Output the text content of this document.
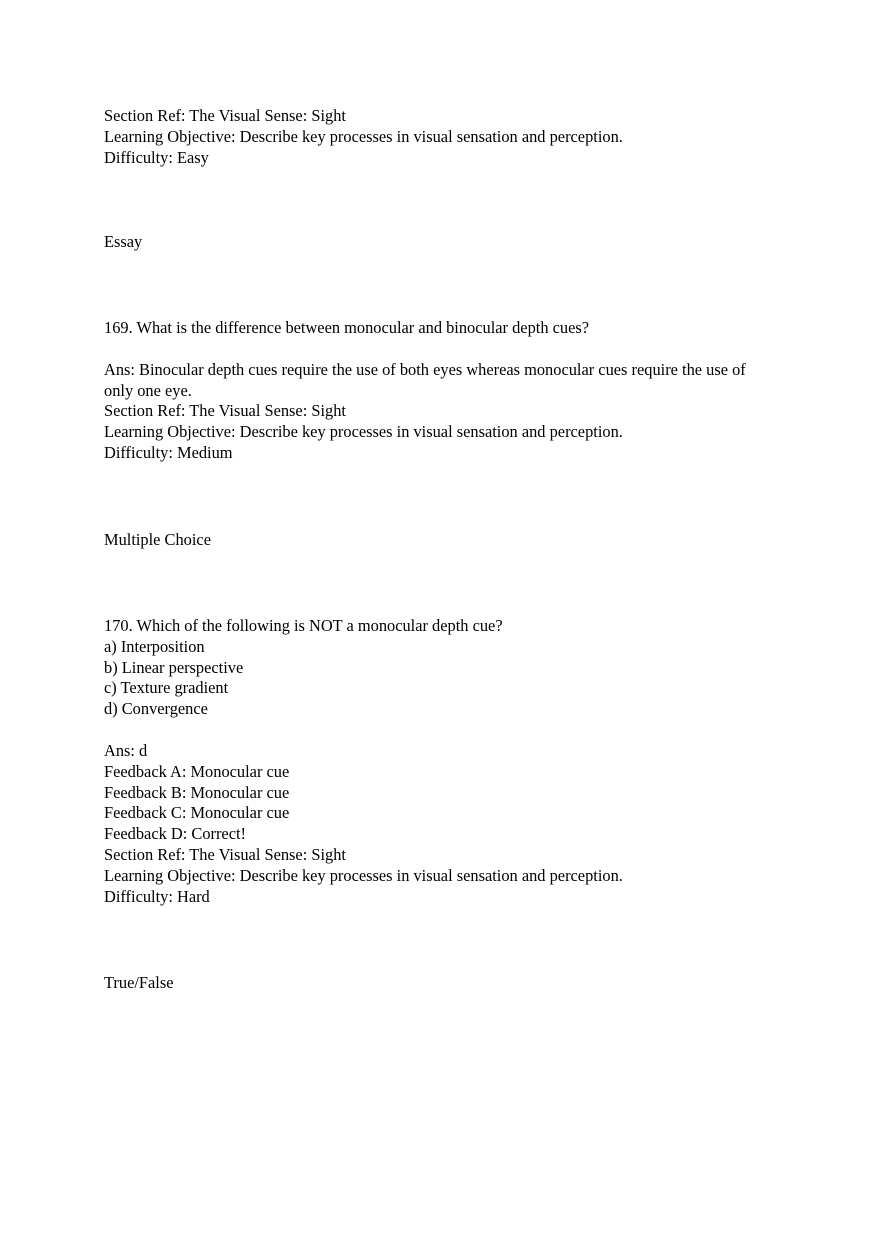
Section Ref: The Visual Sense: Sight
Learning Objective: Describe key processes in visual sensation and perception.
Difficulty: Easy
Essay
169. What is the difference between monocular and binocular depth cues?
Ans: Binocular depth cues require the use of both eyes whereas monocular cues require the use of only one eye.
Section Ref: The Visual Sense: Sight
Learning Objective: Describe key processes in visual sensation and perception.
Difficulty: Medium
Multiple Choice
170. Which of the following is NOT a monocular depth cue?
a) Interposition
b) Linear perspective
c) Texture gradient
d) Convergence
Ans: d
Feedback A: Monocular cue
Feedback B: Monocular cue
Feedback C: Monocular cue
Feedback D: Correct!
Section Ref: The Visual Sense: Sight
Learning Objective: Describe key processes in visual sensation and perception.
Difficulty: Hard
True/False
